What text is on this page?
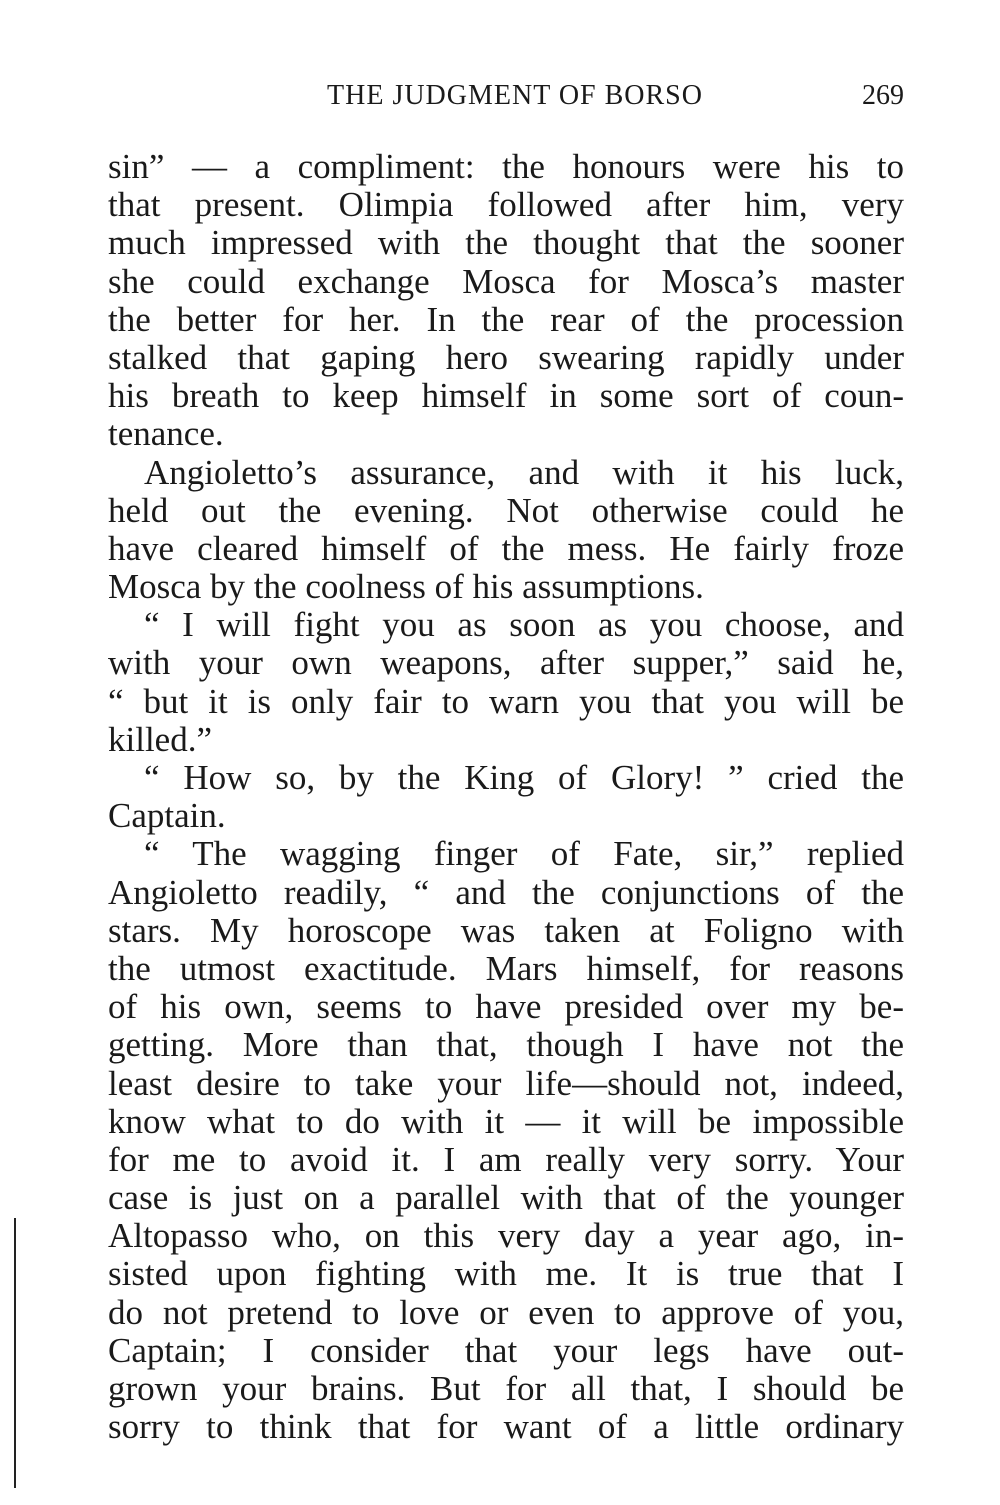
THE JUDGMENT OF BORSO	269
sin” — a compliment: the honours were his to
that present. Olimpia followed after him, very
much impressed with the thought that the sooner
she could exchange Mosca for Mosca’s master
the better for her. In the rear of the procession
stalked that gaping hero swearing rapidly under
his breath to keep himself in some sort of coun-
tenance.
Angioletto’s assurance, and with it his luck,
held out the evening. Not otherwise could he
have cleared himself of the mess. He fairly froze
Mosca by the coolness of his assumptions.
“ I will fight you as soon as you choose, and
with your own weapons, after supper,” said he,
“ but it is only fair to warn you that you will be
killed.”
“ How so, by the King of Glory! ” cried the
Captain.
“ The wagging finger of Fate, sir,” replied
Angioletto readily, “ and the conjunctions of the
stars. My horoscope was taken at Foligno with
the utmost exactitude. Mars himself, for reasons
of his own, seems to have presided over my be-
getting. More than that, though I have not the
least desire to take your life—should not, indeed,
know what to do with it — it will be impossible
for me to avoid it. I am really very sorry. Your
case is just on a parallel with that of the younger
Altopasso who, on this very day a year ago, in-
sisted upon fighting with me. It is true that I
do not pretend to love or even to approve of you,
Captain; I consider that your legs have out-
grown your brains. But for all that, I should be
sorry to think that for want of a little ordinary
